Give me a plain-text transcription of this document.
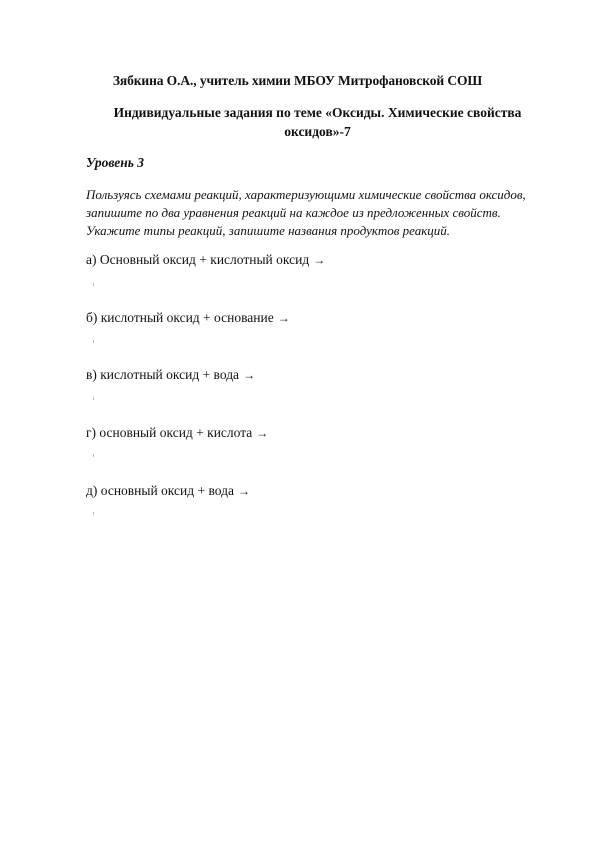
Зябкина О.А., учитель химии МБОУ Митрофановской СОШ
Индивидуальные задания по теме «Оксиды. Химические свойства оксидов»-7
Уровень 3
Пользуясь схемами реакций, характеризующими химические свойства оксидов, запишите по два уравнения реакций на каждое из предложенных свойств. Укажите типы реакций, запишите названия продуктов реакций.
а) Основный оксид + кислотный оксид →
б) кислотный оксид + основание →
в) кислотный оксид + вода →
г) основный оксид + кислота →
д) основный оксид + вода →
